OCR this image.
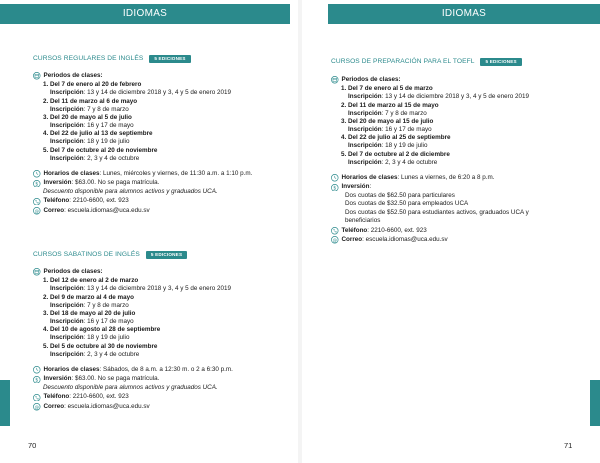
IDIOMAS
CURSOS REGULARES DE INGLÉS	5 EDICIONES
Periodos de clases:
1. Del 7 de enero al 20 de febrero
Inscripción: 13 y 14 de diciembre 2018 y 3, 4 y 5 de enero 2019
2. Del 11 de marzo al 6 de mayo
Inscripción: 7 y 8 de marzo
3. Del 20 de mayo al 5 de julio
Inscripción: 16 y 17 de mayo
4. Del 22 de julio al 13 de septiembre
Inscripción: 18 y 19 de julio
5. Del 7 de octubre al 20 de noviembre
Inscripción: 2, 3 y 4 de octubre
Horarios de clases: Lunes, miércoles y viernes, de 11:30 a.m. a 1:10 p.m.
$ Inversión: $63.00. No se paga matrícula.
Descuento disponible para alumnos activos y graduados UCA.
Teléfono: 2210-6600, ext. 923
@ Correo: escuela.idiomas@uca.edu.sv
CURSOS SABATINOS DE INGLÉS	5 EDICIONES
Periodos de clases:
1. Del 12 de enero al 2 de marzo
Inscripción: 13 y 14 de diciembre 2018 y 3, 4 y 5 de enero 2019
2. Del 9 de marzo al 4 de mayo
Inscripción: 7 y 8 de marzo
3. Del 18 de mayo al 20 de julio
Inscripción: 16 y 17 de mayo
4. Del 10 de agosto al 28 de septiembre
Inscripción: 18 y 19 de julio
5. Del 5 de octubre al 30 de noviembre
Inscripción: 2, 3 y 4 de octubre
Horarios de clases: Sábados, de 8 a.m. a 12:30 m. o 2 a 6:30 p.m.
$ Inversión: $63.00. No se paga matrícula.
Descuento disponible para alumnos activos y graduados UCA.
Teléfono: 2210-6600, ext. 923
@ Correo: escuela.idiomas@uca.edu.sv
70
IDIOMAS
CURSOS DE PREPARACIÓN PARA EL TOEFL	5 EDICIONES
Periodos de clases:
1. Del 7 de enero al 5 de marzo
Inscripción: 13 y 14 de diciembre 2018 y 3, 4 y 5 de enero 2019
2. Del 11 de marzo al 15 de mayo
Inscripción: 7 y 8 de marzo
3. Del 20 de mayo al 15 de julio
Inscripción: 16 y 17 de mayo
4. Del 22 de julio al 25 de septiembre
Inscripción: 18 y 19 de julio
5. Del 7 de octubre al 2 de diciembre
Inscripción: 2, 3 y 4 de octubre
Horarios de clases: Lunes a viernes, de 6:20 a 8 p.m.
$ Inversión:
Dos cuotas de $62.50 para particulares
Dos cuotas de $32.50 para empleados UCA
Dos cuotas de $52.50 para estudiantes activos, graduados UCA y
beneficiarios
Teléfono: 2210-6600, ext. 923
@ Correo: escuela.idiomas@uca.edu.sv
71
